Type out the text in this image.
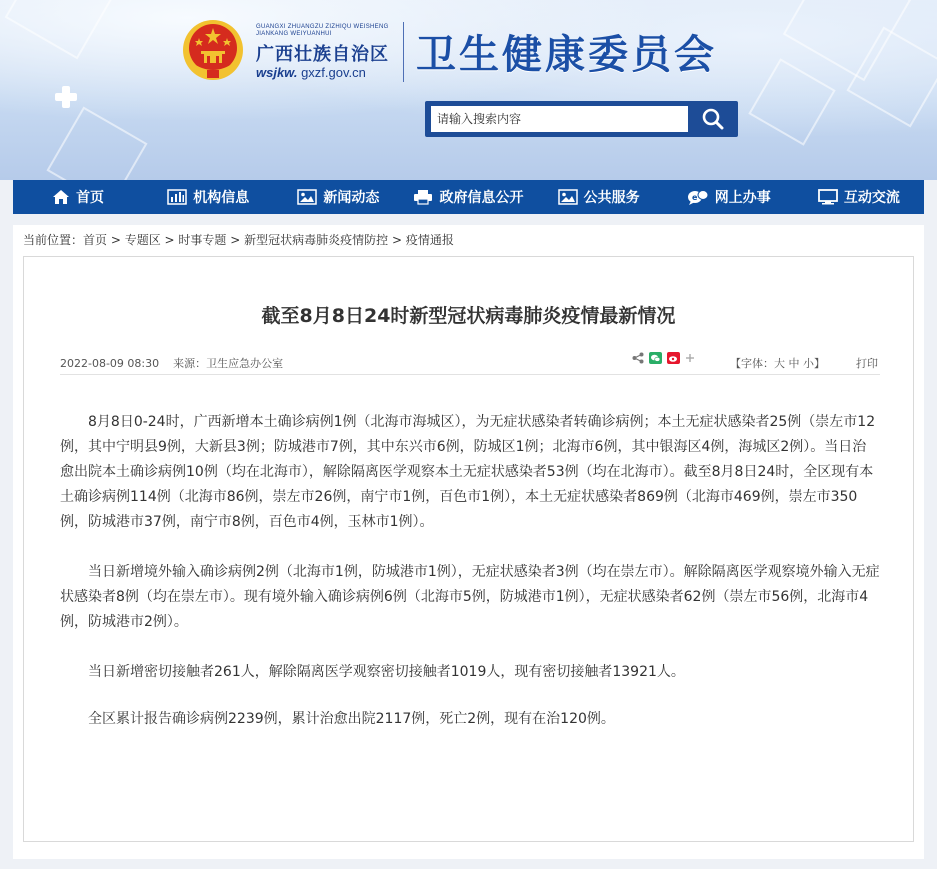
GUANGXI ZHUANGZU ZIZHIQU WEISHENG JIANKANG WEIYUANHUI
广西壮族自治区
wsjkw. gxzf.gov.cn 卫生健康委员会
请输入搜索内容
首页	机构信息	新闻动态	政府信息公开	公共服务	e 网上办事	互动交流
当前位置：首页 > 专题区 > 时事专题 > 新型冠状病毒肺炎疫情防控 > 疫情通报
截至8月8日24时新型冠状病毒肺炎疫情最新情况
2022-08-09 08:30 来源：卫生应急办公室	【字体：大 中 小】	打印

8月8日0-24时，广西新增本土确诊病例1例（北海市海城区），为无症状感染者转确诊病例；本土无症状感染者25例（崇左市12例，其中宁明县9例，大新县3例；防城港市7例，其中东兴市6例，防城区1例；北海市6例，其中银海区4例，海城区2例）。当日治愈出院本土确诊病例10例（均在北海市），解除隔离医学观察本土无症状感染者53例（均在北海市）。截至8月8日24时，全区现有本土确诊病例114例（北海市86例，崇左市26例，南宁市1例，百色市1例），本土无症状感染者869例（北海市469例，崇左市350例，防城港市37例，南宁市8例，百色市4例，玉林市1例）。

当日新增境外输入确诊病例2例（北海市1例，防城港市1例），无症状感染者3例（均在崇左市）。解除隔离医学观察境外输入无症状感染者8例（均在崇左市）。现有境外输入确诊病例6例（北海市5例，防城港市1例），无症状感染者62例（崇左市56例，北海市4例，防城港市2例）。

当日新增密切接触者261人，解除隔离医学观察密切接触者1019人，现有密切接触者13921人。

全区累计报告确诊病例2239例，累计治愈出院2117例，死亡2例，现有在治120例。
